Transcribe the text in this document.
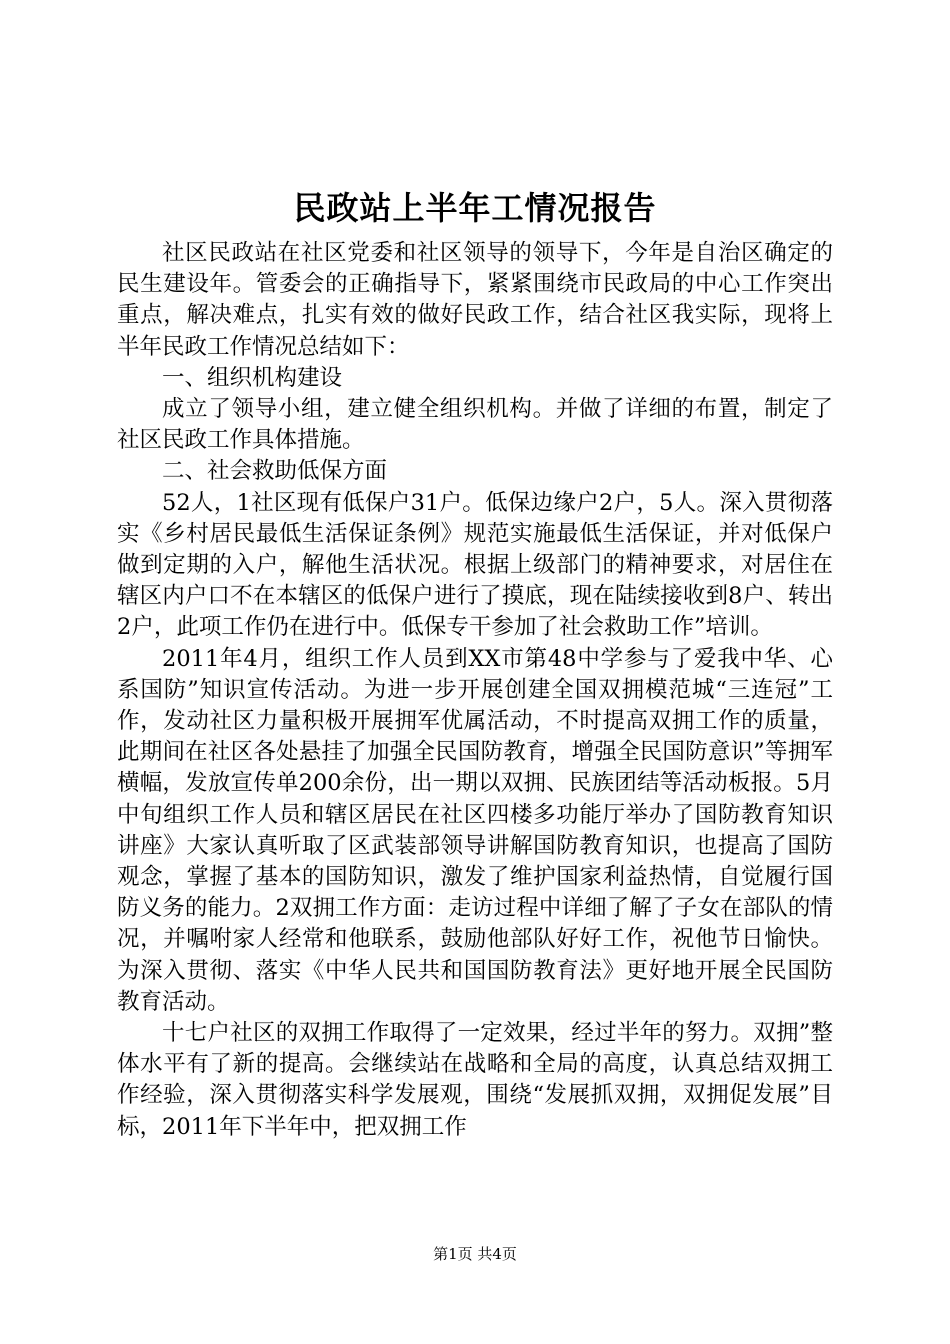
民政站上半年工情况报告

社区民政站在社区党委和社区领导的领导下，今年是自治区确定的民生建设年。管委会的正确指导下，紧紧围绕市民政局的中心工作突出重点，解决难点，扎实有效的做好民政工作，结合社区我实际，现将上半年民政工作情况总结如下：

一、组织机构建设

成立了领导小组，建立健全组织机构。并做了详细的布置，制定了社区民政工作具体措施。

二、社会救助低保方面

52人，1社区现有低保户31户。低保边缘户2户，5人。深入贯彻落实《乡村居民最低生活保证条例》规范实施最低生活保证，并对低保户做到定期的入户，解他生活状况。根据上级部门的精神要求，对居住在辖区内户口不在本辖区的低保户进行了摸底，现在陆续接收到8户、转出2户，此项工作仍在进行中。低保专干参加了社会救助工作”培训。

2011年4月，组织工作人员到XX市第48中学参与了爱我中华、心系国防”知识宣传活动。为进一步开展创建全国双拥模范城“三连冠”工作，发动社区力量积极开展拥军优属活动，不时提高双拥工作的质量，此期间在社区各处悬挂了加强全民国防教育，增强全民国防意识”等拥军横幅，发放宣传单200余份，出一期以双拥、民族团结等活动板报。5月中旬组织工作人员和辖区居民在社区四楼多功能厅举办了国防教育知识讲座》大家认真听取了区武装部领导讲解国防教育知识，也提高了国防观念，掌握了基本的国防知识，激发了维护国家利益热情，自觉履行国防义务的能力。2双拥工作方面：走访过程中详细了解了子女在部队的情况，并嘱咐家人经常和他联系，鼓励他部队好好工作，祝他节日愉快。为深入贯彻、落实《中华人民共和国国防教育法》更好地开展全民国防教育活动。

十七户社区的双拥工作取得了一定效果，经过半年的努力。双拥”整体水平有了新的提高。会继续站在战略和全局的高度，认真总结双拥工作经验，深入贯彻落实科学发展观，围绕“发展抓双拥，双拥促发展”目标，2011年下半年中，把双拥工作

第1页 共4页
